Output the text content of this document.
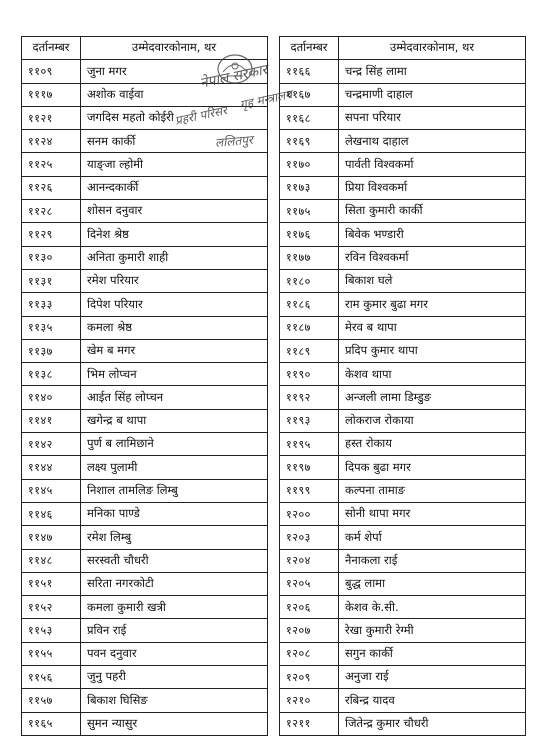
दर्तानम्बर	उम्मेदवारकोनाम, थर
११०९	जुना मगर
१११७	अशोक वाईवा
११२१	जगदिस महतो कोईरी
११२४	सनम कार्की
११२५	याङ्जा ल्होमी
११२६	आनन्दकार्की
११२८	शोसन दनुवार
११२९	दिनेश श्रेष्ठ
११३०	अनिता कुमारी शाही
११३१	रमेश परियार
११३३	दिपेश परियार
११३५	कमला श्रेष्ठ
११३७	खेम ब मगर
११३८	भिम लोप्चन
११४०	आईत सिंह लोप्चन
११४१	खगेन्द्र ब थापा
११४२	पुर्ण ब लामिछाने
११४४	लक्ष्य पुलामी
११४५	निशाल तामलिङ लिम्बु
११४६	मनिका पाण्डे
११४७	रमेश लिम्बु
११४८	सरस्वती चौधरी
११५१	सरिता नगरकोटी
११५२	कमला कुमारी खत्री
११५३	प्रविन राई
११५५	पवन दनुवार
११५६	जुनु पहरी
११५७	बिकाश घिसिङ
११६५	सुमन न्यासुर
दर्तानम्बर	उम्मेदवारकोनाम, थर
११६६	चन्द्र सिंह लामा
११६७	चन्द्रमाणी दाहाल
११६८	सपना परियार
११६९	लेखनाथ दाहाल
११७०	पार्वती विश्वकर्मा
११७३	प्रिया विश्वकर्मा
११७५	सिता कुमारी कार्की
११७६	बिवेक भण्डारी
११७७	रविन विश्वकर्मा
११८०	बिकाश घले
११८६	राम कुमार बुढा मगर
११८७	मेरव ब थापा
११८९	प्रदिप कुमार थापा
११९०	केशव थापा
११९२	अन्जली लामा डिम्डुङ
११९३	लोकराज रोकाया
११९५	हस्त रोकाय
११९७	दिपक बुढा मगर
११९९	कल्पना तामाङ
१२००	सोनी थापा मगर
१२०३	कर्म शेर्पा
१२०४	नैनाकला राई
१२०५	बुद्ध लामा
१२०६	केशव के.सी.
१२०७	रेखा कुमारी रेग्मी
१२०८	सगुन कार्की
१२०९	अनुजा राई
१२१०	रबिन्द्र यादव
१२११	जितेन्द्र कुमार चौधरी
नेपाल सरकार
गृह मन्त्रालय
प्रहरी परिसर
ललितपुर
